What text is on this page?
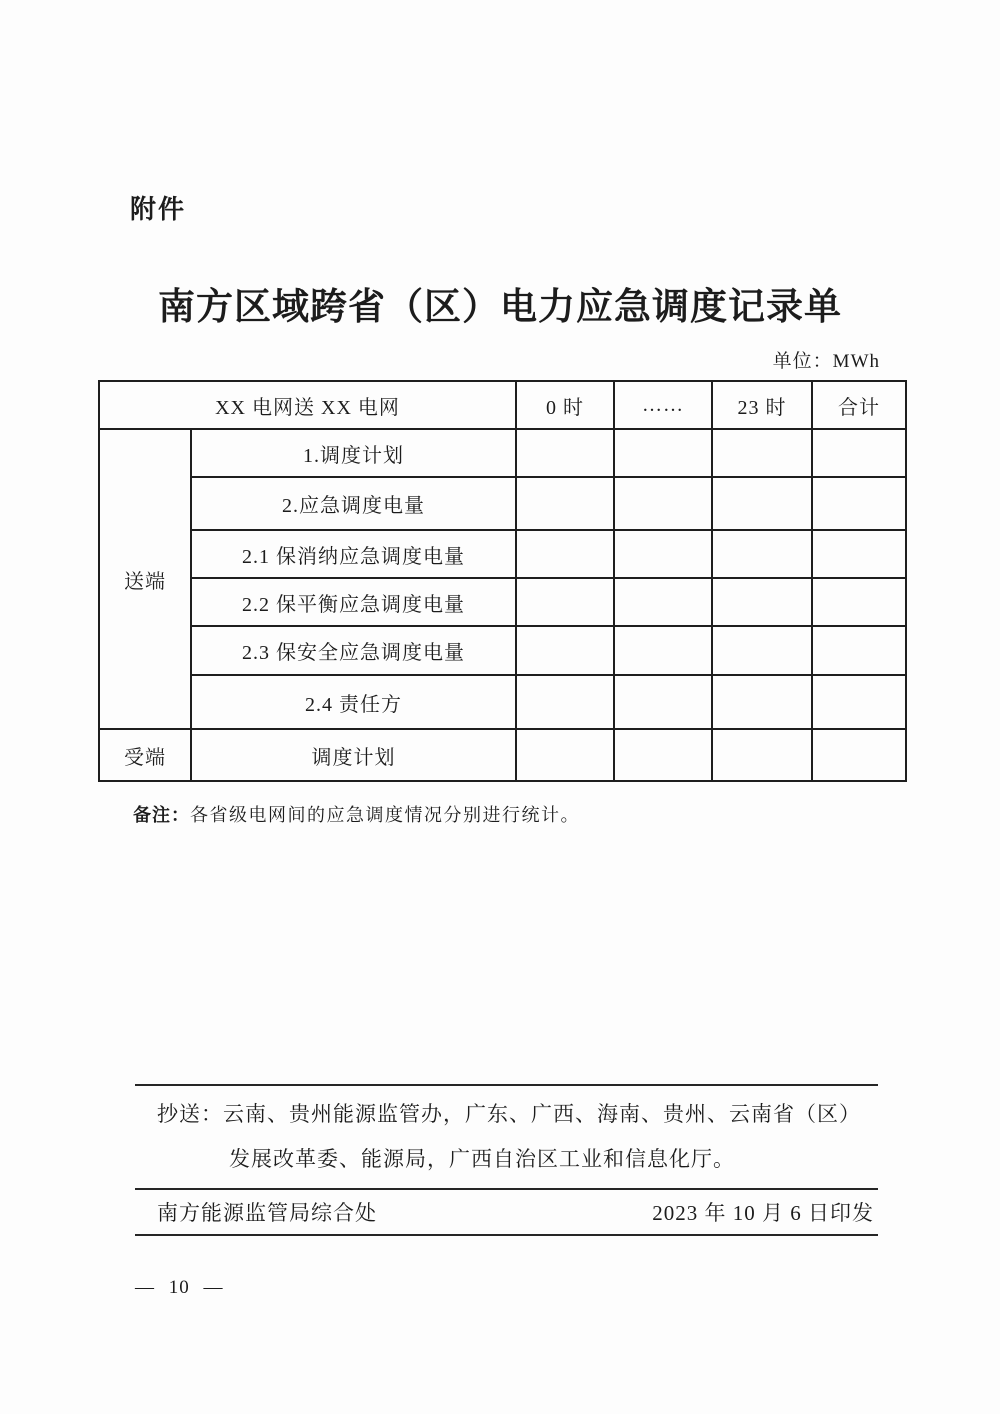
附件
南方区域跨省（区）电力应急调度记录单
单位：MWh
XX 电网送 XX 电网		0 时	……	23 时	合计
送端	1.调度计划				
	2.应急调度电量				
	2.1 保消纳应急调度电量				
	2.2 保平衡应急调度电量				
	2.3 保安全应急调度电量				
	2.4 责任方				
受端	调度计划				
备注：各省级电网间的应急调度情况分别进行统计。
抄送：云南、贵州能源监管办，广东、广西、海南、贵州、云南省（区）
发展改革委、能源局，广西自治区工业和信息化厅。
南方能源监管局综合处	2023 年 10 月 6 日印发
— 10 —
